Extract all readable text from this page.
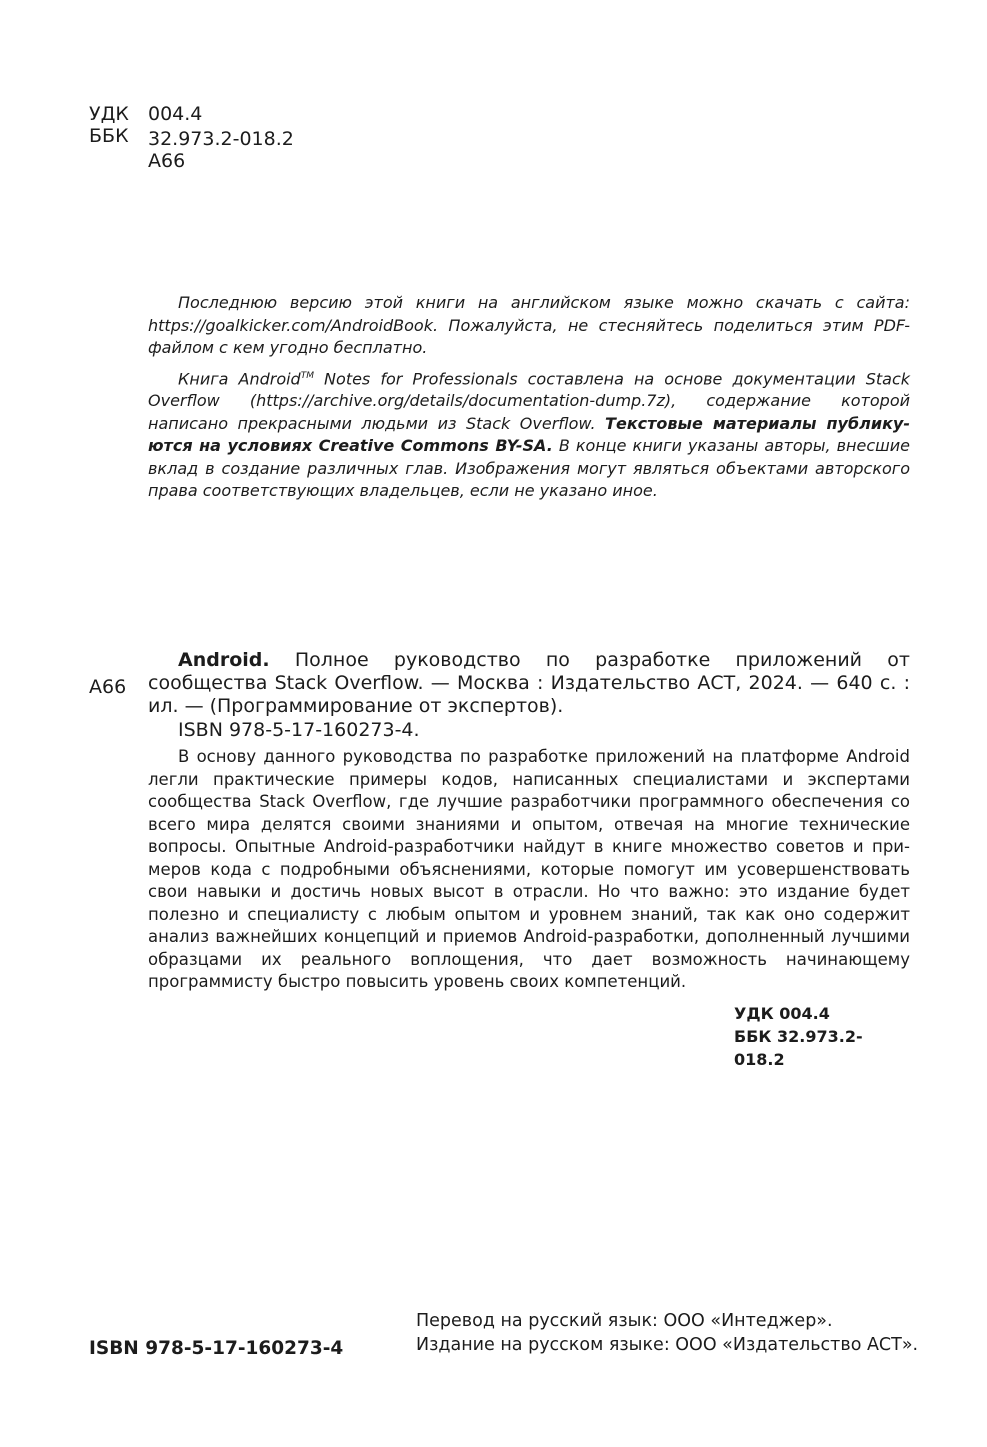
УДК
ББК
004.4
32.973.2-018.2
А66

Последнюю версию этой книги на английском языке можно скачать с сайта: https://goalkicker.com/AndroidBook. Пожалуйста, не стесняйтесь поделиться этим PDF-файлом с кем угодно бесплатно.

Книга Android™ Notes for Professionals составлена на основе документации Stack Overflow (https://archive.org/details/documentation-dump.7z), содержание которой написано прекрасными людьми из Stack Overflow. Текстовые материалы публикуются на условиях Creative Commons BY-SA. В конце книги указаны авторы, внесшие вклад в создание различных глав. Изображения могут являться объектами авторского права соответствующих владельцев, если не указано иное.

А66

Android. Полное руководство по разработке приложений от сообщества Stack Overflow. — Москва : Издательство АСТ, 2024. — 640 с. : ил. — (Программирование от экспертов).

ISBN 978-5-17-160273-4.

В основу данного руководства по разработке приложений на платформе Android легли практические примеры кодов, написанных специалистами и экспертами сообщества Stack Overflow, где лучшие разработчики программного обеспечения со всего мира делятся своими знаниями и опытом, отвечая на многие технические вопросы. Опытные Android-разработчики найдут в книге множество советов и примеров кода с подробными объяснениями, которые помогут им усовершенствовать свои навыки и достичь новых высот в отрасли. Но что важно: это издание будет полезно и специалисту с любым опытом и уровнем знаний, так как оно содержит анализ важнейших концепций и приемов Android-разработки, дополненный лучшими образцами их реального воплощения, что дает возможность начинающему программисту быстро повысить уровень своих компетенций.

УДК 004.4
ББК 32.973.2-018.2
ISBN 978-5-17-160273-4
Перевод на русский язык: ООО «Интеджер».
Издание на русском языке: ООО «Издательство АСТ».
